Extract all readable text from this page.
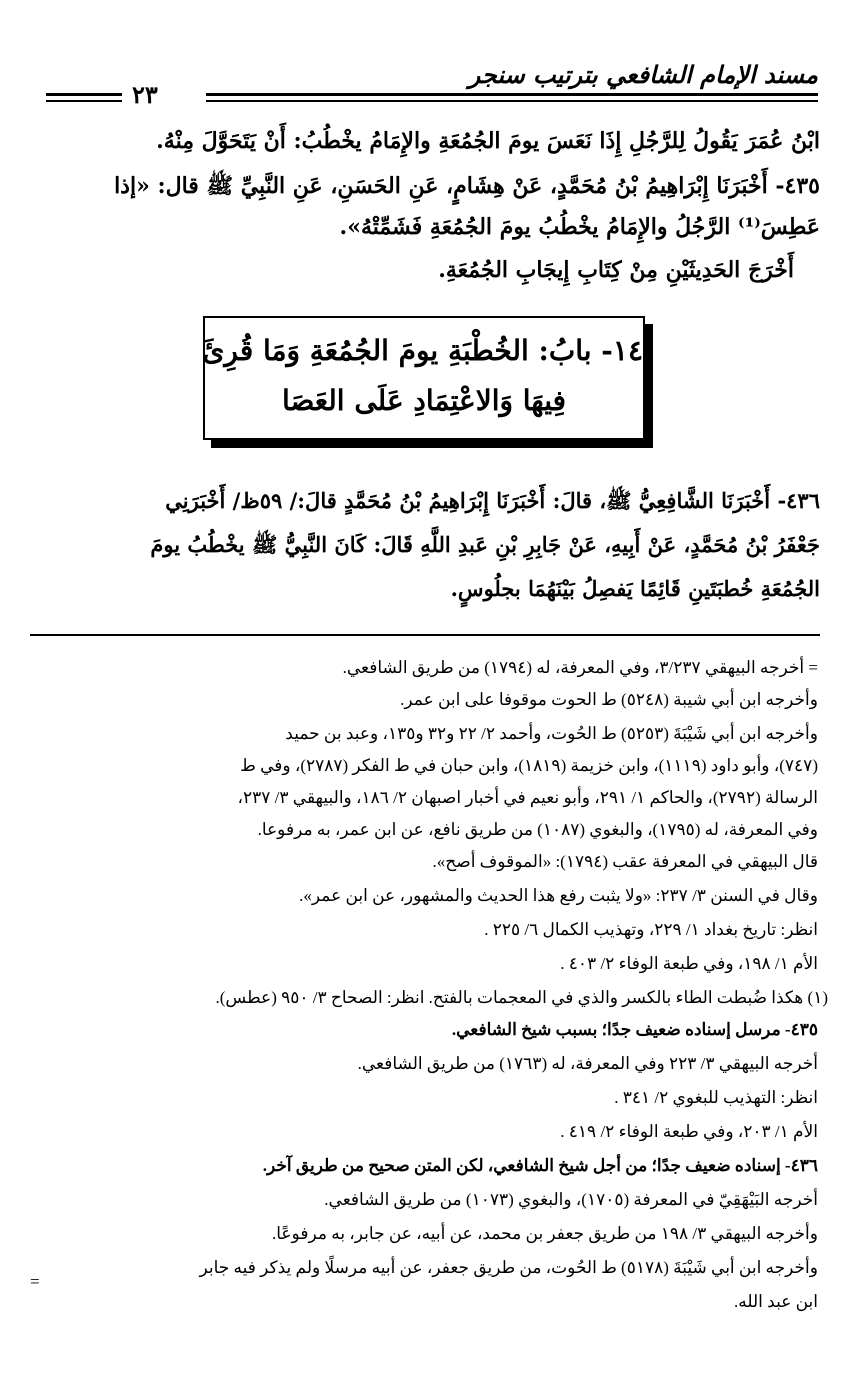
مسند الإمام الشافعي بترتيب سنجر
٢٣
ابْنُ عُمَرَ يَقُولُ لِلرَّجُلِ إِذَا نَعَسَ يومَ الجُمُعَةِ والإِمَامُ يخْطُبُ: أَنْ يَتَحَوَّلَ مِنْهُ.
٤٣٥- أَخْبَرَنَا إِبْرَاهِيمُ بْنُ مُحَمَّدٍ، عَنْ هِشَامٍ، عَنِ الحَسَنِ، عَنِ النَّبِيِّ ﷺ قال: «إذا
عَطِسَ⁽¹⁾ الرَّجُلُ والإِمَامُ يخْطُبُ يومَ الجُمُعَةِ فَشَمِّتْهُ».
أَخْرَجَ الحَدِيثَيْنِ مِنْ كِتَابِ إِيجَابِ الجُمُعَةِ.
١٤- بابُ: الخُطْبَةِ يومَ الجُمُعَةِ وَمَا قُرِئَ
فِيهَا وَالاعْتِمَادِ عَلَى العَصَا
٤٣٦- أَخْبَرَنَا الشَّافِعِيُّ ﷺ، قالَ: أَخْبَرَنَا إِبْرَاهِيمُ بْنُ مُحَمَّدٍ قالَ:/ ٥٩ظ/ أَخْبَرَنِي
جَعْفَرُ بْنُ مُحَمَّدٍ، عَنْ أَبِيهِ، عَنْ جَابِرِ بْنِ عَبدِ اللَّهِ قَالَ: كَانَ النَّبِيُّ ﷺ يخْطُبُ يومَ
الجُمُعَةِ خُطبَتَينِ قَائِمًا يَفصِلُ بَيْنَهُمَا بجلُوسٍ.
= أخرجه البيهقي ٣/٢٣٧، وفي المعرفة، له (١٧٩٤) من طريق الشافعي.
وأخرجه ابن أبي شيبة (٥٢٤٨) ط الحوت موقوفا على ابن عمر.
وأخرجه ابن أبي شَيْبَةَ (٥٢٥٣) ط الحُوت، وأحمد ٢/ ٢٢ و٣٢ و١٣٥، وعبد بن حميد
(٧٤٧)، وأبو داود (١١١٩)، وابن خزيمة (١٨١٩)، وابن حبان في ط الفكر (٢٧٨٧)، وفي ط
الرسالة (٢٧٩٢)، والحاكم ١/ ٢٩١، وأبو نعيم في أخبار اصبهان ٢/ ١٨٦، والبيهقي ٣/ ٢٣٧،
وفي المعرفة، له (١٧٩٥)، والبغوي (١٠٨٧) من طريق نافع، عن ابن عمر، به مرفوعا.
قال البيهقي في المعرفة عقب (١٧٩٤): «الموقوف أصح».
وقال في السنن ٣/ ٢٣٧: «ولا يثبت رفع هذا الحديث والمشهور، عن ابن عمر».
انظر: تاريخ بغداد ١/ ٢٢٩، وتهذيب الكمال ٦/ ٢٢٥ .
الأم ١/ ١٩٨، وفي طبعة الوفاء ٢/ ٤٠٣ .
(١) هكذا ضُبطت الطاء بالكسر والذي في المعجمات بالفتح. انظر: الصحاح ٣/ ٩٥٠ (عطس).
٤٣٥- مرسل إسناده ضعيف جدًا؛ بسبب شيخ الشافعي.
أخرجه البيهقي ٣/ ٢٢٣ وفي المعرفة، له (١٧٦٣) من طريق الشافعي.
انظر: التهذيب للبغوي ٢/ ٣٤١ .
الأم ١/ ٢٠٣، وفي طبعة الوفاء ٢/ ٤١٩ .
٤٣٦- إسناده ضعيف جدًا؛ من أجل شيخ الشافعي، لكن المتن صحيح من طريق آخر.
أخرجه البَيْهَقِيّ في المعرفة (١٧٠٥)، والبغوي (١٠٧٣) من طريق الشافعي.
وأخرجه البيهقي ٣/ ١٩٨ من طريق جعفر بن محمد، عن أبيه، عن جابر، به مرفوعًا.
وأخرجه ابن أبي شَيْبَةَ (٥١٧٨) ط الحُوت، من طريق جعفر، عن أبيه مرسلًا ولم يذكر فيه جابر
ابن عبد الله.
=
